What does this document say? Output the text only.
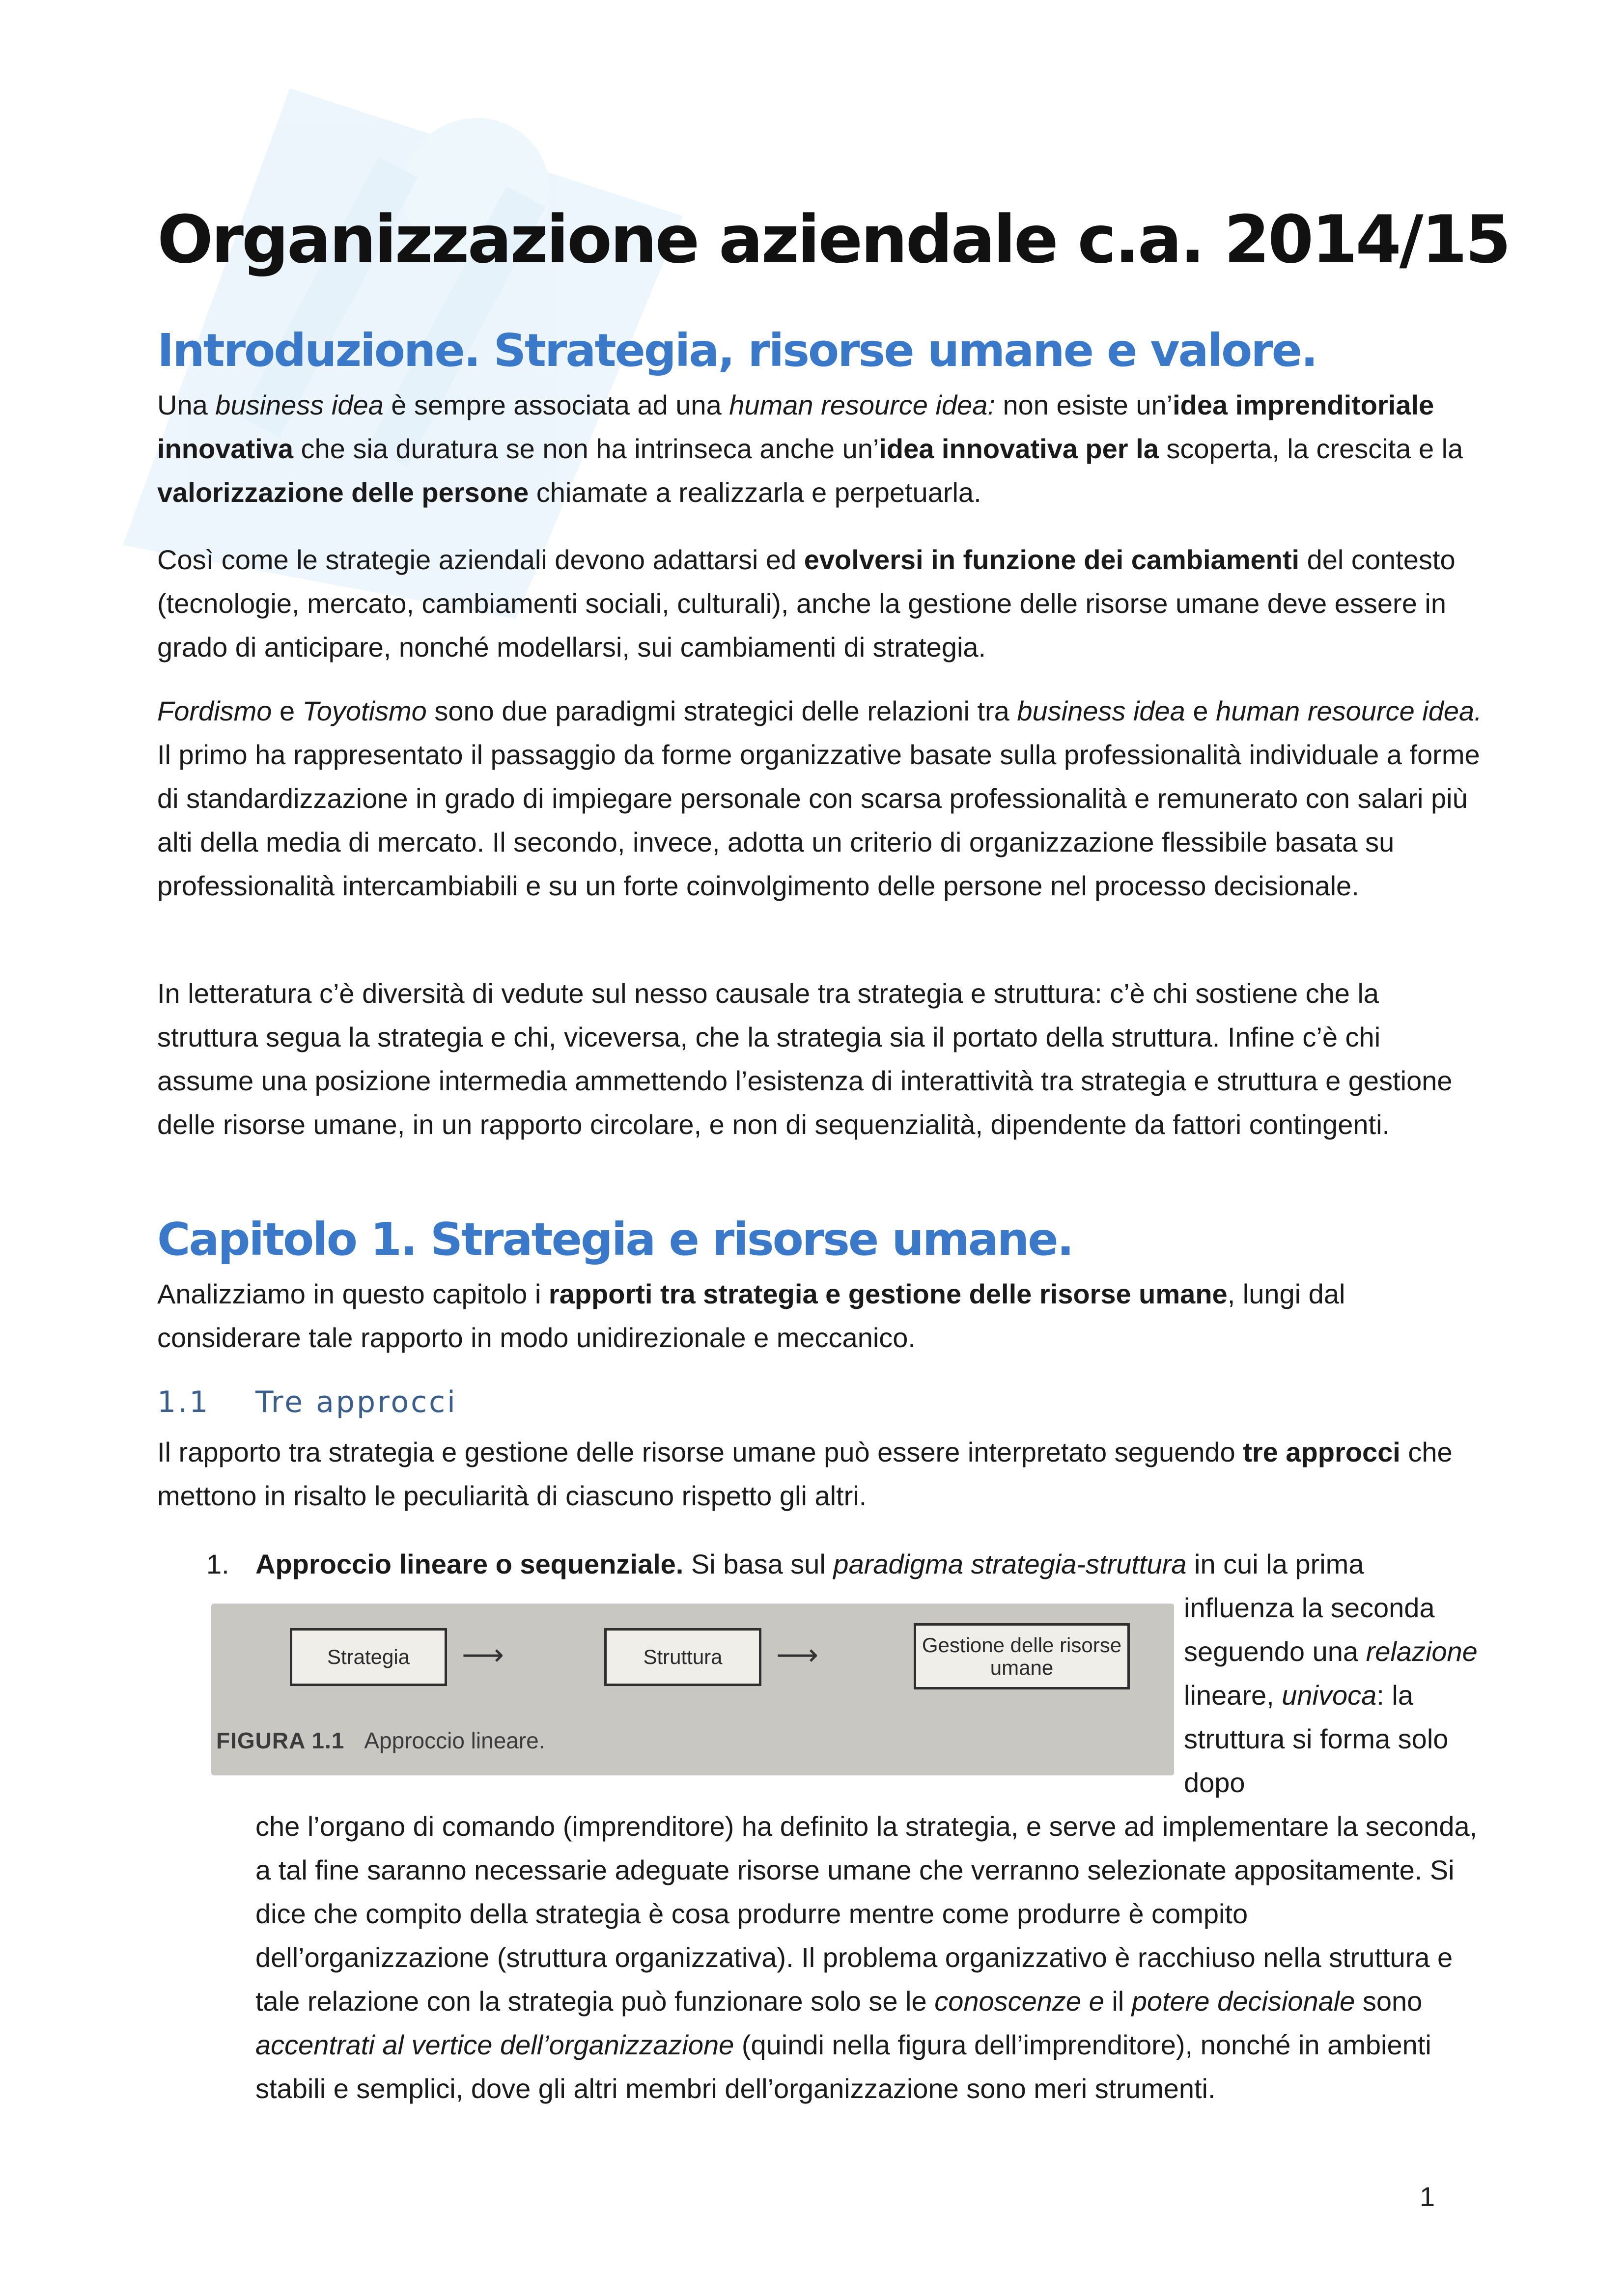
Organizzazione aziendale c.a. 2014/15
Introduzione. Strategia, risorse umane e valore.

Una business idea è sempre associata ad una human resource idea: non esiste un’idea imprenditoriale innovativa che sia duratura se non ha intrinseca anche un’idea innovativa per la scoperta, la crescita e la valorizzazione delle persone chiamate a realizzarla e perpetuarla.

Così come le strategie aziendali devono adattarsi ed evolversi in funzione dei cambiamenti del contesto (tecnologie, mercato, cambiamenti sociali, culturali), anche la gestione delle risorse umane deve essere in grado di anticipare, nonché modellarsi, sui cambiamenti di strategia.

Fordismo e Toyotismo sono due paradigmi strategici delle relazioni tra business idea e human resource idea. Il primo ha rappresentato il passaggio da forme organizzative basate sulla professionalità individuale a forme di standardizzazione in grado di impiegare personale con scarsa professionalità e remunerato con salari più alti della media di mercato. Il secondo, invece, adotta un criterio di organizzazione flessibile basata su professionalità intercambiabili e su un forte coinvolgimento delle persone nel processo decisionale.

In letteratura c’è diversità di vedute sul nesso causale tra strategia e struttura: c’è chi sostiene che la struttura segua la strategia e chi, viceversa, che la strategia sia il portato della struttura. Infine c’è chi assume una posizione intermedia ammettendo l’esistenza di interattività tra strategia e struttura e gestione delle risorse umane, in un rapporto circolare, e non di sequenzialità, dipendente da fattori contingenti.

Capitolo 1. Strategia e risorse umane.

Analizziamo in questo capitolo i rapporti tra strategia e gestione delle risorse umane, lungi dal considerare tale rapporto in modo unidirezionale e meccanico.

1.1 Tre approcci

Il rapporto tra strategia e gestione delle risorse umane può essere interpretato seguendo tre approcci che mettono in risalto le peculiarità di ciascuno rispetto gli altri.

1. Approccio lineare o sequenziale. Si basa sul paradigma strategia-struttura in cui la prima

Strategia	⟶	Struttura	⟶	Gestione delle risorse umane
FIGURA 1.1 Approccio lineare.

influenza la seconda seguendo una relazione lineare, univoca: la struttura si forma solo dopo

che l’organo di comando (imprenditore) ha definito la strategia, e serve ad implementare la seconda, a tal fine saranno necessarie adeguate risorse umane che verranno selezionate appositamente. Si dice che compito della strategia è cosa produrre mentre come produrre è compito dell’organizzazione (struttura organizzativa). Il problema organizzativo è racchiuso nella struttura e tale relazione con la strategia può funzionare solo se le conoscenze e il potere decisionale sono accentrati al vertice dell’organizzazione (quindi nella figura dell’imprenditore), nonché in ambienti stabili e semplici, dove gli altri membri dell’organizzazione sono meri strumenti.

1
